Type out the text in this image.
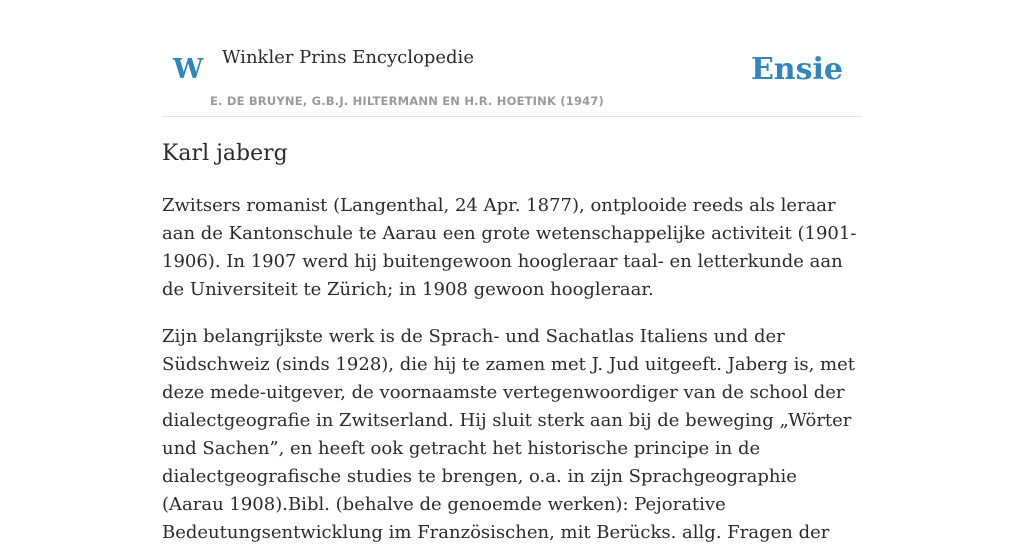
W Winkler Prins Encyclopedie
E. DE BRUYNE, G.B.J. HILTERMANN EN H.R. HOETINK (1947)
Ensie
Karl jaberg

Zwitsers romanist (Langenthal, 24 Apr. 1877), ontplooide reeds als leraar aan de Kantonschule te Aarau een grote wetenschappelijke activiteit (1901-1906). In 1907 werd hij buitengewoon hoogleraar taal- en letterkunde aan de Universiteit te Zürich; in 1908 gewoon hoogleraar.

Zijn belangrijkste werk is de Sprach- und Sachatlas Italiens und der Südschweiz (sinds 1928), die hij te zamen met J. Jud uitgeeft. Jaberg is, met deze mede-uitgever, de voornaamste vertegenwoordiger van de school der dialectgeografie in Zwitserland. Hij sluit sterk aan bij de beweging „Wörter und Sachen”, en heeft ook getracht het historische principe in de dialectgeografische studies te brengen, o.a. in zijn Sprachgeographie (Aarau 1908).Bibl. (behalve de genoemde werken): Pejorative Bedeutungsentwicklung im Französischen, mit Berücks. allg. Fragen der
